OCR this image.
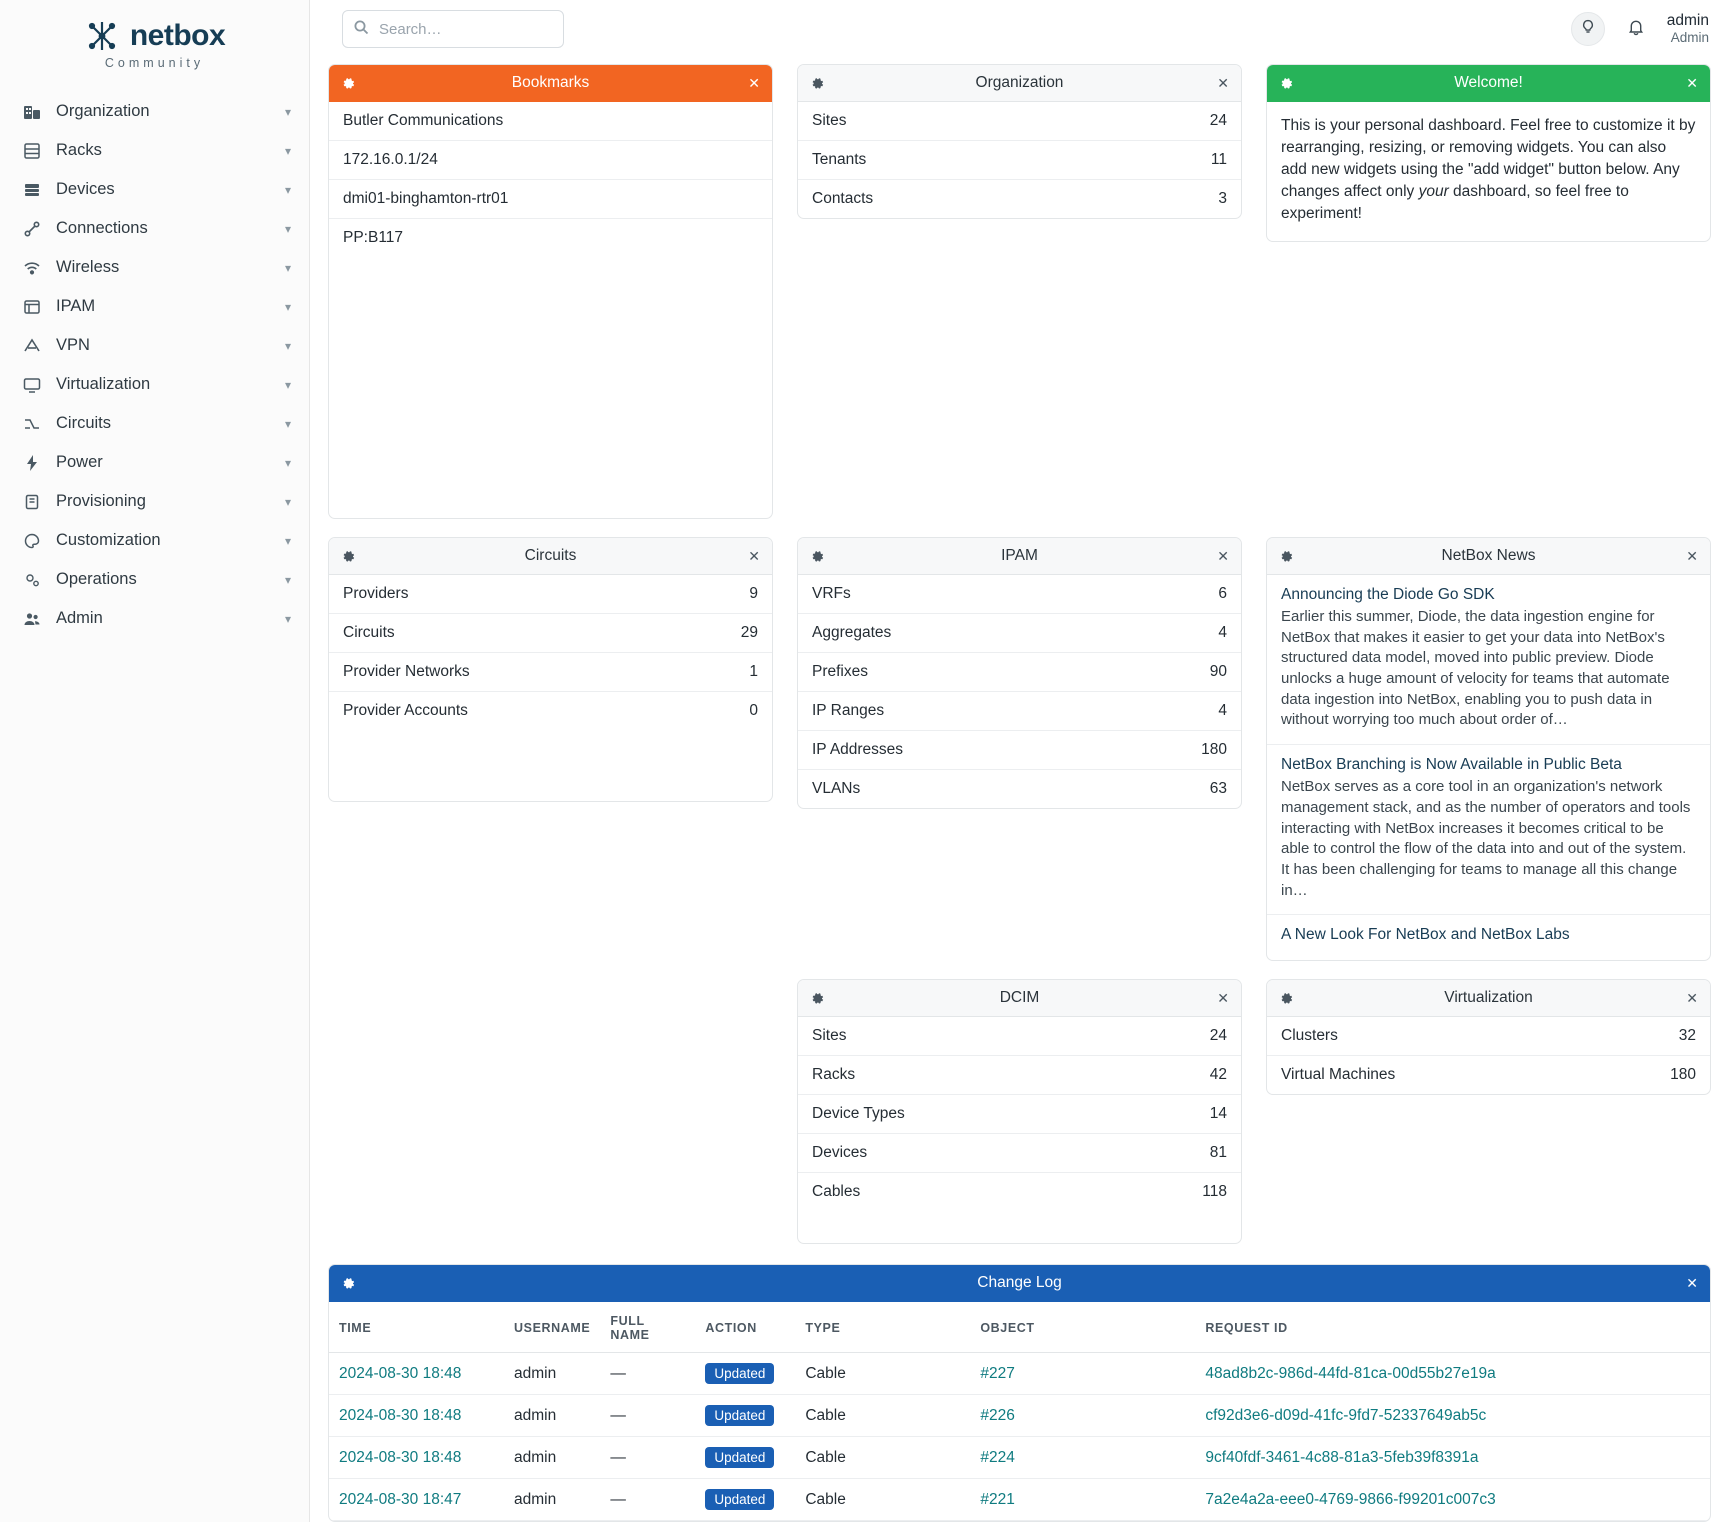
netbox
Community
Organization	▾
Racks	▾
Devices	▾
Connections	▾
Wireless	▾
IPAM	▾
VPN	▾
Virtualization	▾
Circuits	▾
Power	▾
Provisioning	▾
Customization	▾
Operations	▾
Admin	▾
Search…
admin
Admin
Bookmarks	✕
Butler Communications
172.16.0.1/24
dmi01-binghamton-rtr01
PP:B117
Organization	✕
Sites	24
Tenants	11
Contacts	3
Welcome!	✕
This is your personal dashboard. Feel free to customize it by rearranging, resizing, or removing widgets. You can also add new widgets using the "add widget" button below. Any changes affect only your dashboard, so feel free to experiment!
IPAM	✕
VRFs	6
Aggregates	4
Prefixes	90
IP Ranges	4
IP Addresses	180
VLANs	63
NetBox News	✕
Announcing the Diode Go SDK
Earlier this summer, Diode, the data ingestion engine for NetBox that makes it easier to get your data into NetBox's structured data model, moved into public preview. Diode unlocks a huge amount of velocity for teams that automate data ingestion into NetBox, enabling you to push data in without worrying too much about order of…
NetBox Branching is Now Available in Public Beta
NetBox serves as a core tool in an organization's network management stack, and as the number of operators and tools interacting with NetBox increases it becomes critical to be able to control the flow of the data into and out of the system. It has been challenging for teams to manage all this change in…
A New Look For NetBox and NetBox Labs
Circuits	✕
Providers	9
Circuits	29
Provider Networks	1
Provider Accounts	0
DCIM	✕
Sites	24
Racks	42
Device Types	14
Devices	81
Cables	118
Virtualization	✕
Clusters	32
Virtual Machines	180
Change Log	✕
TIME	USERNAME	FULL NAME	ACTION	TYPE	OBJECT	REQUEST ID
2024-08-30 18:48	admin	—	Updated	Cable	#227	48ad8b2c-986d-44fd-81ca-00d55b27e19a
2024-08-30 18:48	admin	—	Updated	Cable	#226	cf92d3e6-d09d-41fc-9fd7-52337649ab5c
2024-08-30 18:48	admin	—	Updated	Cable	#224	9cf40fdf-3461-4c88-81a3-5feb39f8391a
2024-08-30 18:47	admin	—	Updated	Cable	#221	7a2e4a2a-eee0-4769-9866-f99201c007c3
